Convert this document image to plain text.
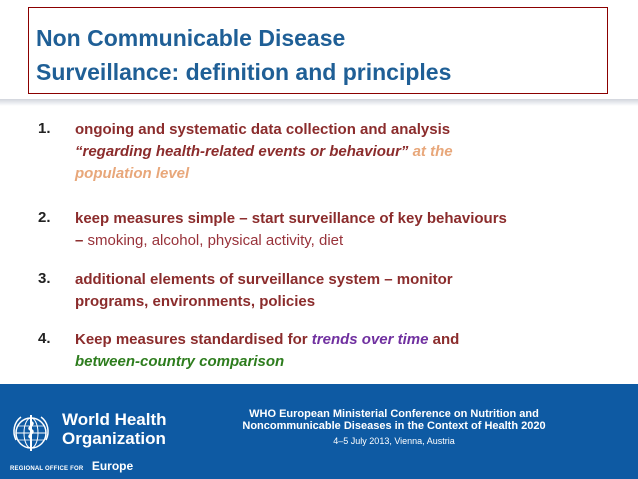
Non Communicable Disease
Surveillance: definition and principles
1. ongoing and systematic data collection and analysis
“regarding health-related events or behaviour” at the
population level
2. keep measures simple – start surveillance of key behaviours
– smoking, alcohol, physical activity, diet
3. additional elements of surveillance system – monitor
programs, environments, policies
4. Keep measures standardised for trends over time and
between-country comparison
World Health
Organization
REGIONAL OFFICE FOR Europe
WHO European Ministerial Conference on Nutrition and
Noncommunicable Diseases in the Context of Health 2020
4–5 July 2013, Vienna, Austria
